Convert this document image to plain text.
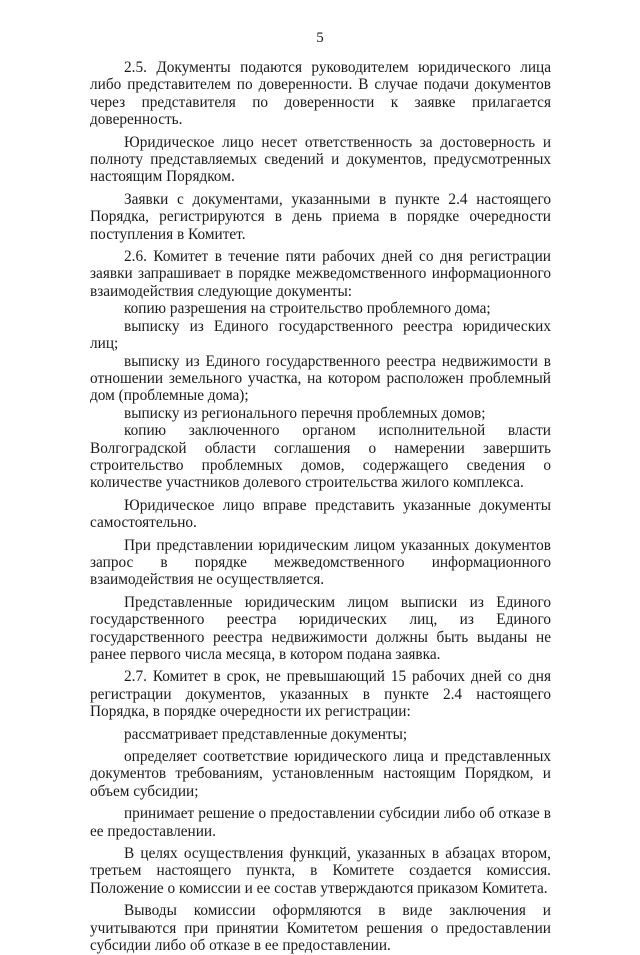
5

2.5. Документы подаются руководителем юридического лица либо представителем по доверенности. В случае подачи документов через представителя по доверенности к заявке прилагается доверенность.

Юридическое лицо несет ответственность за достоверность и полноту представляемых сведений и документов, предусмотренных настоящим Порядком.

Заявки с документами, указанными в пункте 2.4 настоящего Порядка, регистрируются в день приема в порядке очередности поступления в Комитет.

2.6. Комитет в течение пяти рабочих дней со дня регистрации заявки запрашивает в порядке межведомственного информационного взаимодействия следующие документы:

копию разрешения на строительство проблемного дома;

выписку из Единого государственного реестра юридических лиц;

выписку из Единого государственного реестра недвижимости в отношении земельного участка, на котором расположен проблемный дом (проблемные дома);

выписку из регионального перечня проблемных домов;

копию заключенного органом исполнительной власти Волгоградской области соглашения о намерении завершить строительство проблемных домов, содержащего сведения о количестве участников долевого строительства жилого комплекса.

Юридическое лицо вправе представить указанные документы самостоятельно.

При представлении юридическим лицом указанных документов запрос в порядке межведомственного информационного взаимодействия не осуществляется.

Представленные юридическим лицом выписки из Единого государственного реестра юридических лиц, из Единого государственного реестра недвижимости должны быть выданы не ранее первого числа месяца, в котором подана заявка.

2.7. Комитет в срок, не превышающий 15 рабочих дней со дня регистрации документов, указанных в пункте 2.4 настоящего Порядка, в порядке очередности их регистрации:

рассматривает представленные документы;

определяет соответствие юридического лица и представленных документов требованиям, установленным настоящим Порядком, и объем субсидии;

принимает решение о предоставлении субсидии либо об отказе в ее предоставлении.

В целях осуществления функций, указанных в абзацах втором, третьем настоящего пункта, в Комитете создается комиссия. Положение о комиссии и ее состав утверждаются приказом Комитета.

Выводы комиссии оформляются в виде заключения и учитываются при принятии Комитетом решения о предоставлении субсидии либо об отказе в ее предоставлении.
